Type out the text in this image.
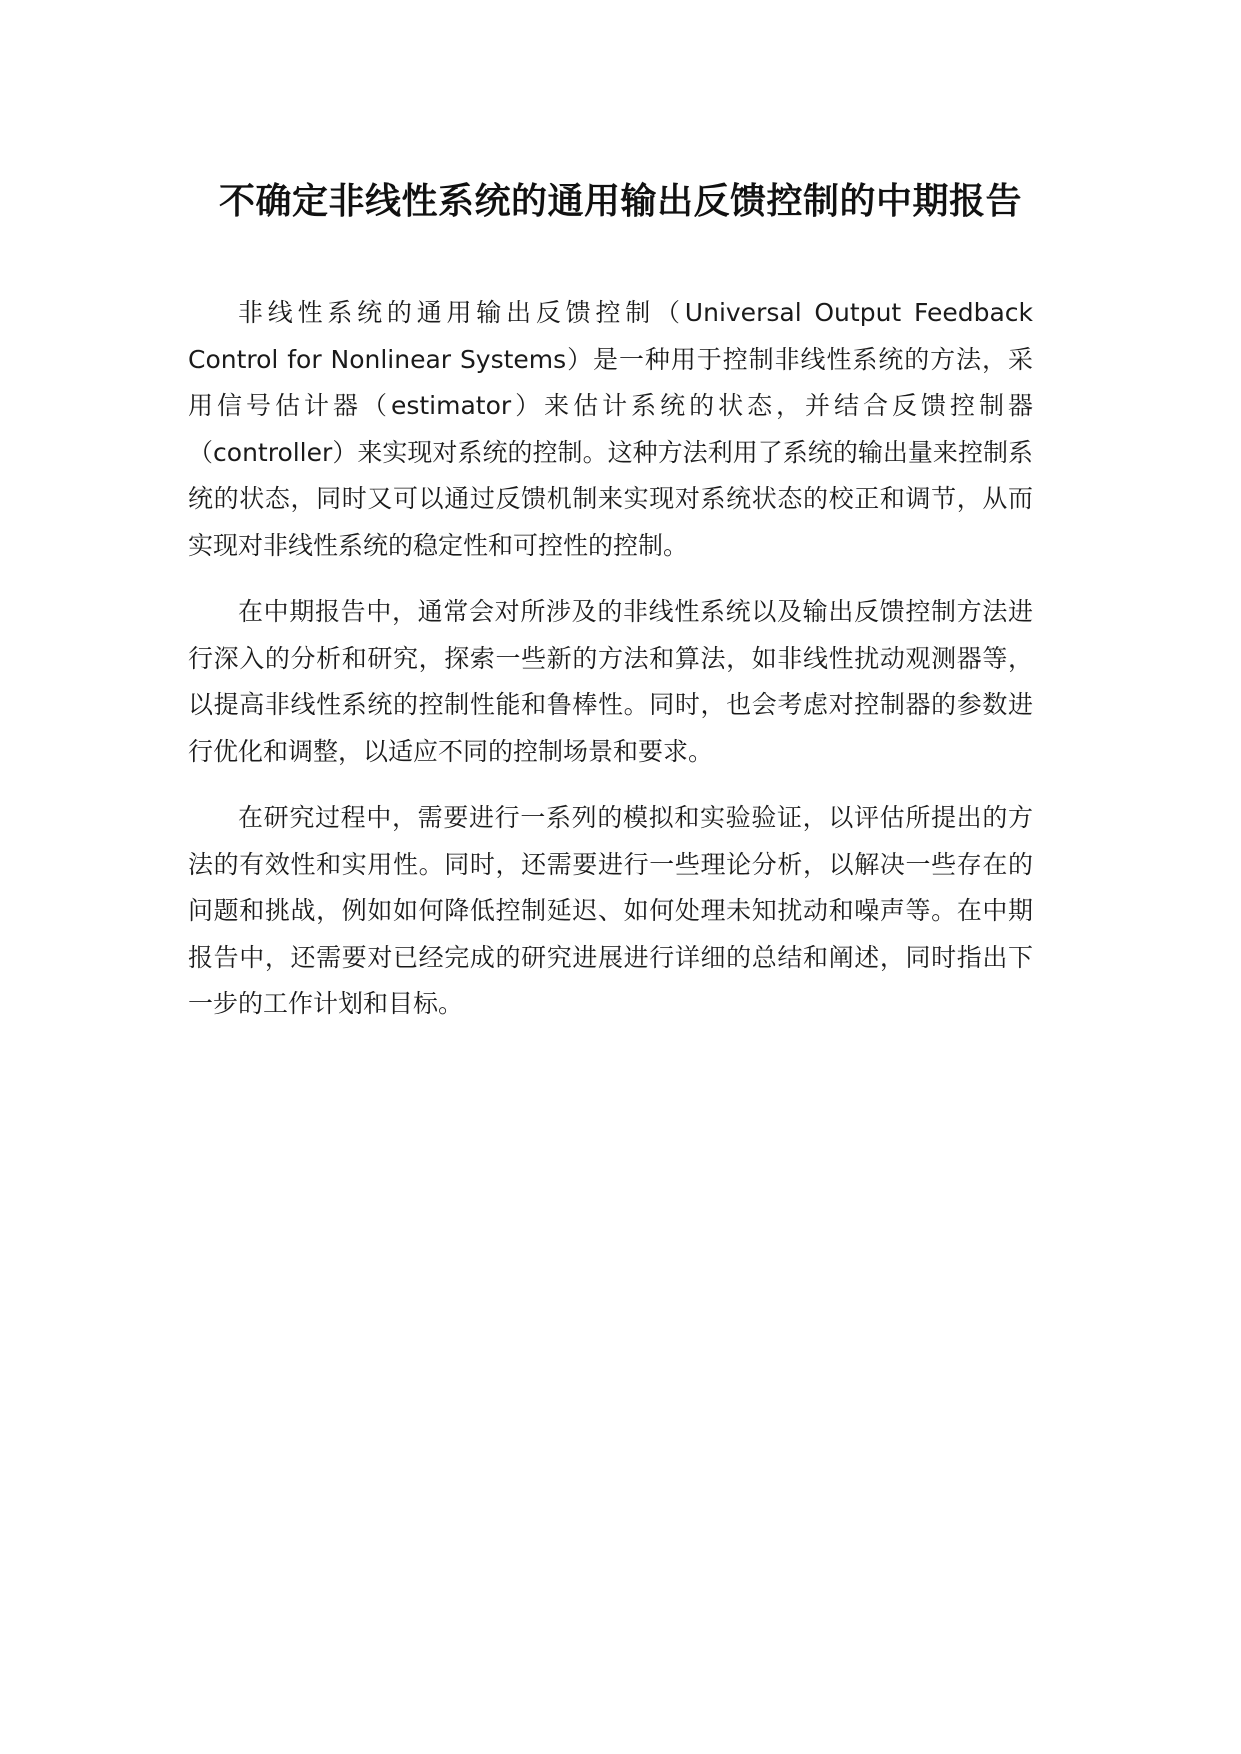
不确定非线性系统的通用输出反馈控制的中期报告

非线性系统的通用输出反馈控制（Universal Output Feedback Control for Nonlinear Systems）是一种用于控制非线性系统的方法，采用信号估计器（estimator）来估计系统的状态，并结合反馈控制器（controller）来实现对系统的控制。这种方法利用了系统的输出量来控制系统的状态，同时又可以通过反馈机制来实现对系统状态的校正和调节，从而实现对非线性系统的稳定性和可控性的控制。

在中期报告中，通常会对所涉及的非线性系统以及输出反馈控制方法进行深入的分析和研究，探索一些新的方法和算法，如非线性扰动观测器等，以提高非线性系统的控制性能和鲁棒性。同时，也会考虑对控制器的参数进行优化和调整，以适应不同的控制场景和要求。

在研究过程中，需要进行一系列的模拟和实验验证，以评估所提出的方法的有效性和实用性。同时，还需要进行一些理论分析，以解决一些存在的问题和挑战，例如如何降低控制延迟、如何处理未知扰动和噪声等。在中期报告中，还需要对已经完成的研究进展进行详细的总结和阐述，同时指出下一步的工作计划和目标。
